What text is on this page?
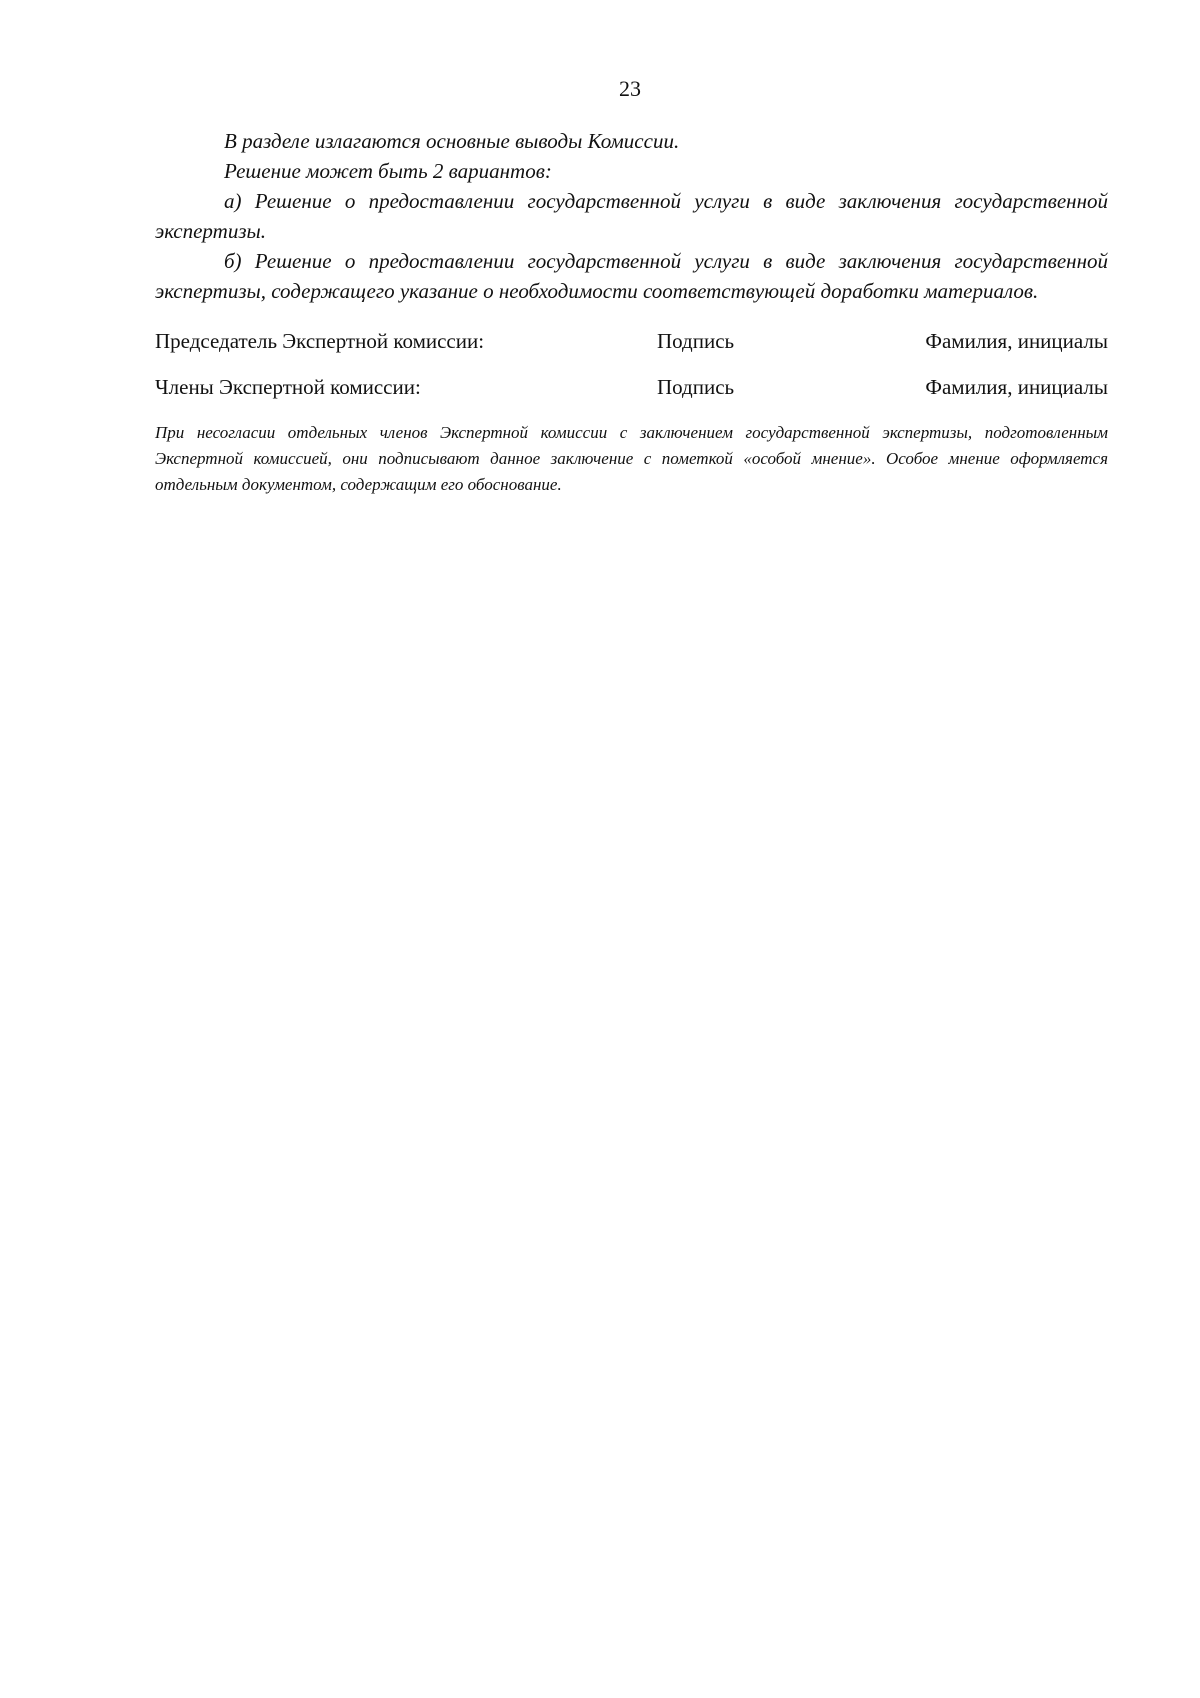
23

В разделе излагаются основные выводы Комиссии.

Решение может быть 2 вариантов:

а) Решение о предоставлении государственной услуги в виде заключения государственной экспертизы.

б) Решение о предоставлении государственной услуги в виде заключения государственной экспертизы, содержащего указание о необходимости соответствующей доработки материалов.

Председатель Экспертной комиссии:	Подпись	Фамилия, инициалы
Члены Экспертной комиссии:	Подпись	Фамилия, инициалы

При несогласии отдельных членов Экспертной комиссии с заключением государственной экспертизы, подготовленным Экспертной комиссией, они подписывают данное заключение с пометкой «особой мнение». Особое мнение оформляется отдельным документом, содержащим его обоснование.
